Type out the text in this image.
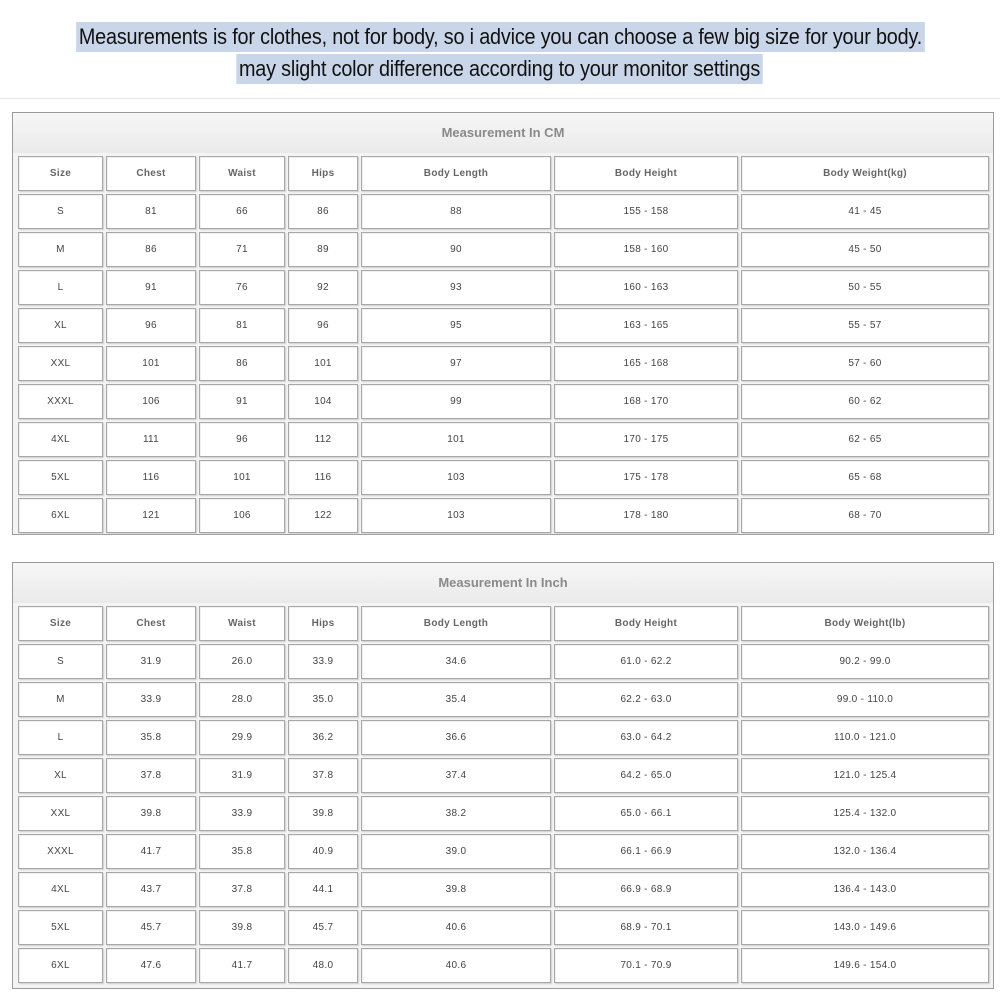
Measurements is for clothes, not for body, so i advice you can choose a few big size for your body.
may slight color difference according to your monitor settings
Measurement In CM
Size	Chest	Waist	Hips	Body Length	Body Height	Body Weight(kg)
S	81	66	86	88	155 - 158	41 - 45
M	86	71	89	90	158 - 160	45 - 50
L	91	76	92	93	160 - 163	50 - 55
XL	96	81	96	95	163 - 165	55 - 57
XXL	101	86	101	97	165 - 168	57 - 60
XXXL	106	91	104	99	168 - 170	60 - 62
4XL	111	96	112	101	170 - 175	62 - 65
5XL	116	101	116	103	175 - 178	65 - 68
6XL	121	106	122	103	178 - 180	68 - 70
Measurement In Inch
Size	Chest	Waist	Hips	Body Length	Body Height	Body Weight(lb)
S	31.9	26.0	33.9	34.6	61.0 - 62.2	90.2 - 99.0
M	33.9	28.0	35.0	35.4	62.2 - 63.0	99.0 - 110.0
L	35.8	29.9	36.2	36.6	63.0 - 64.2	110.0 - 121.0
XL	37.8	31.9	37.8	37.4	64.2 - 65.0	121.0 - 125.4
XXL	39.8	33.9	39.8	38.2	65.0 - 66.1	125.4 - 132.0
XXXL	41.7	35.8	40.9	39.0	66.1 - 66.9	132.0 - 136.4
4XL	43.7	37.8	44.1	39.8	66.9 - 68.9	136.4 - 143.0
5XL	45.7	39.8	45.7	40.6	68.9 - 70.1	143.0 - 149.6
6XL	47.6	41.7	48.0	40.6	70.1 - 70.9	149.6 - 154.0
